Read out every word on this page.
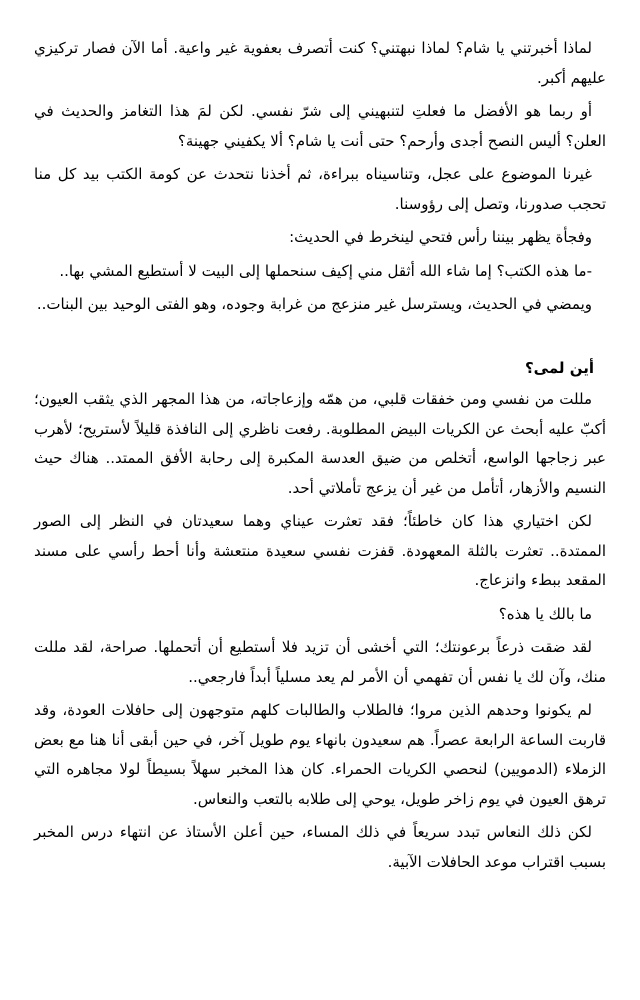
لماذا أخبرتني يا شام؟ لماذا نبهتني؟ كنت أتصرف بعفوية غير واعية. أما الآن فصار تركيزي عليهم أكبر.

أو ربما هو الأفضل ما فعلتِ لتنبهيني إلى شرّ نفسي. لكن لمَ هذا التغامز والحديث في العلن؟ أليس النصح أجدى وأرحم؟ حتى أنت يا شام؟ ألا يكفيني جهينة؟

غيرنا الموضوع على عجل، وتناسيناه ببراءة، ثم أخذنا نتحدث عن كومة الكتب بيد كل منا تحجب صدورنا، وتصل إلى رؤوسنا.

وفجأة يظهر بيننا رأس فتحي لينخرط في الحديث:

-ما هذه الكتب؟ إما شاء الله أثقل مني إكيف سنحملها إلى البيت لا أستطيع المشي بها..

ويمضي في الحديث، ويسترسل غير منزعج من غرابة وجوده، وهو الفتى الوحيد بين البنات..

أين لمى؟

مللت من نفسي ومن خفقات قلبي، من همّه وإزعاجاته، من هذا المجهر الذي يثقب العيون؛ أكبّ عليه أبحث عن الكريات البيض المطلوبة. رفعت ناظري إلى النافذة قليلاً لأستريح؛ لأهرب عبر زجاجها الواسع، أتخلص من ضيق العدسة المكبرة إلى رحابة الأفق الممتد.. هناك حيث النسيم والأزهار، أتأمل من غير أن يزعج تأملاتي أحد.

لكن اختياري هذا كان خاطئاً؛ فقد تعثرت عيناي وهما سعيدتان في النظر إلى الصور الممتدة.. تعثرت بالثلة المعهودة. قفزت نفسي سعيدة منتعشة وأنا أحط رأسي على مسند المقعد ببطء وانزعاج.

ما بالك يا هذه؟

لقد ضقت ذرعاً برعونتك؛ التي أخشى أن تزيد فلا أستطيع أن أتحملها. صراحة، لقد مللت منك، وآن لك يا نفس أن تفهمي أن الأمر لم يعد مسلياً أبداً فارجعي..

لم يكونوا وحدهم الذين مروا؛ فالطلاب والطالبات كلهم متوجهون إلى حافلات العودة، وقد قاربت الساعة الرابعة عصراً. هم سعيدون بانهاء يوم طويل آخر، في حين أبقى أنا هنا مع بعض الزملاء (الدمويين) لنحصي الكريات الحمراء. كان هذا المخبر سهلاً بسيطاً لولا مجاهره التي ترهق العيون في يوم زاخر طويل، يوحي إلى طلابه بالتعب والنعاس.

لكن ذلك النعاس تبدد سريعاً في ذلك المساء، حين أعلن الأستاذ عن انتهاء درس المخبر بسبب اقتراب موعد الحافلات الآبية.
